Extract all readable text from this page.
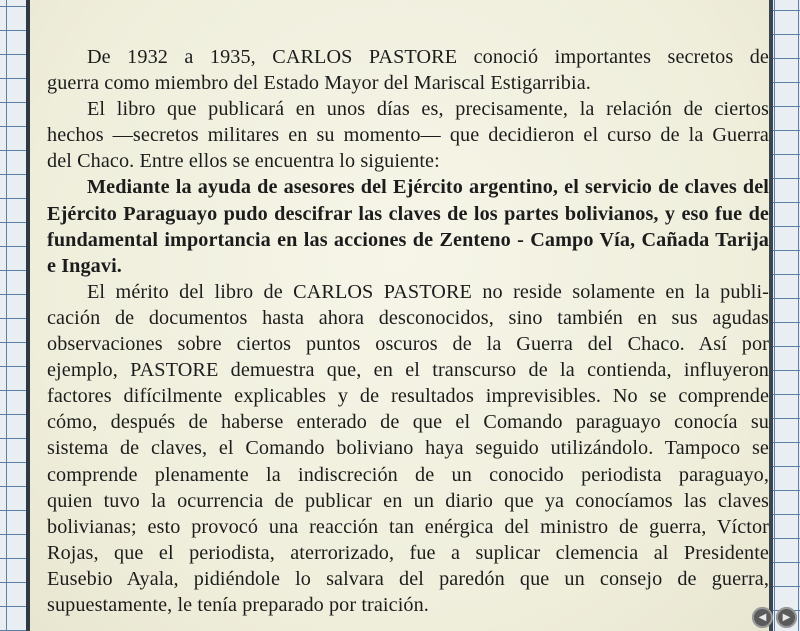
De 1932 a 1935, CARLOS PASTORE conoció importantes secretos de
guerra como miembro del Estado Mayor del Mariscal Estigarribia.
El libro que publicará en unos días es, precisamente, la relación de ciertos
hechos —secretos militares en su momento— que decidieron el curso de la Guerra
del Chaco. Entre ellos se encuentra lo siguiente:
Mediante la ayuda de asesores del Ejército argentino, el servicio de claves del
Ejército Paraguayo pudo descifrar las claves de los partes bolivianos, y eso fue de
fundamental importancia en las acciones de Zenteno - Campo Vía, Cañada Tarija
e Ingavi.
El mérito del libro de CARLOS PASTORE no reside solamente en la publi-
cación de documentos hasta ahora desconocidos, sino también en sus agudas
observaciones sobre ciertos puntos oscuros de la Guerra del Chaco. Así por
ejemplo, PASTORE demuestra que, en el transcurso de la contienda, influyeron
factores difícilmente explicables y de resultados imprevisibles. No se comprende
cómo, después de haberse enterado de que el Comando paraguayo conocía su
sistema de claves, el Comando boliviano haya seguido utilizándolo. Tampoco se
comprende plenamente la indiscreción de un conocido periodista paraguayo,
quien tuvo la ocurrencia de publicar en un diario que ya conocíamos las claves
bolivianas; esto provocó una reacción tan enérgica del ministro de guerra, Víctor
Rojas, que el periodista, aterrorizado, fue a suplicar clemencia al Presidente
Eusebio Ayala, pidiéndole lo salvara del paredón que un consejo de guerra,
supuestamente, le tenía preparado por traición.
◀	▶
